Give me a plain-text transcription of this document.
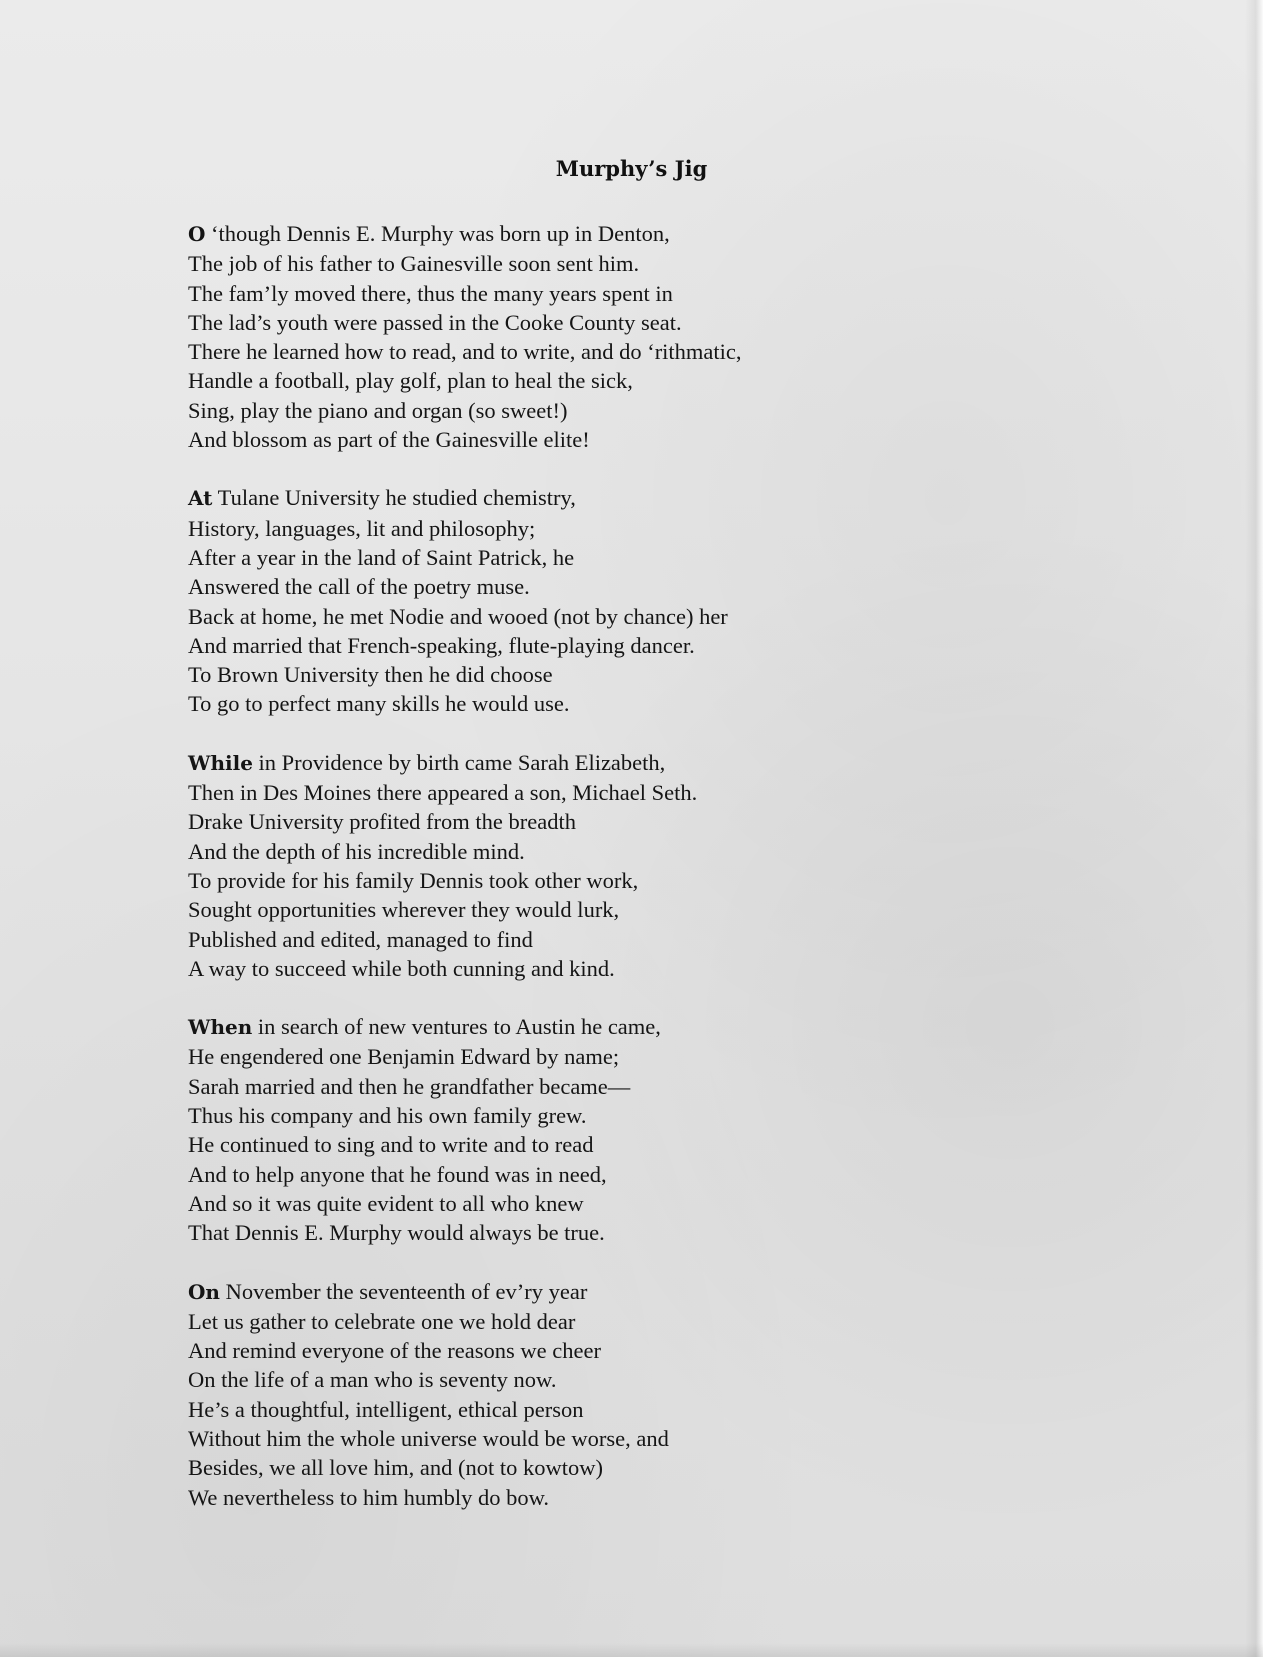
Murphy’s Jig
O ‘though Dennis E. Murphy was born up in Denton,
The job of his father to Gainesville soon sent him.
The fam’ly moved there, thus the many years spent in
The lad’s youth were passed in the Cooke County seat.
There he learned how to read, and to write, and do ‘rithmatic,
Handle a football, play golf, plan to heal the sick,
Sing, play the piano and organ (so sweet!)
And blossom as part of the Gainesville elite!
At Tulane University he studied chemistry,
History, languages, lit and philosophy;
After a year in the land of Saint Patrick, he
Answered the call of the poetry muse.
Back at home, he met Nodie and wooed (not by chance) her
And married that French-speaking, flute-playing dancer.
To Brown University then he did choose
To go to perfect many skills he would use.
While in Providence by birth came Sarah Elizabeth,
Then in Des Moines there appeared a son, Michael Seth.
Drake University profited from the breadth
And the depth of his incredible mind.
To provide for his family Dennis took other work,
Sought opportunities wherever they would lurk,
Published and edited, managed to find
A way to succeed while both cunning and kind.
When in search of new ventures to Austin he came,
He engendered one Benjamin Edward by name;
Sarah married and then he grandfather became—
Thus his company and his own family grew.
He continued to sing and to write and to read
And to help anyone that he found was in need,
And so it was quite evident to all who knew
That Dennis E. Murphy would always be true.
On November the seventeenth of ev’ry year
Let us gather to celebrate one we hold dear
And remind everyone of the reasons we cheer
On the life of a man who is seventy now.
He’s a thoughtful, intelligent, ethical person
Without him the whole universe would be worse, and
Besides, we all love him, and (not to kowtow)
We nevertheless to him humbly do bow.
